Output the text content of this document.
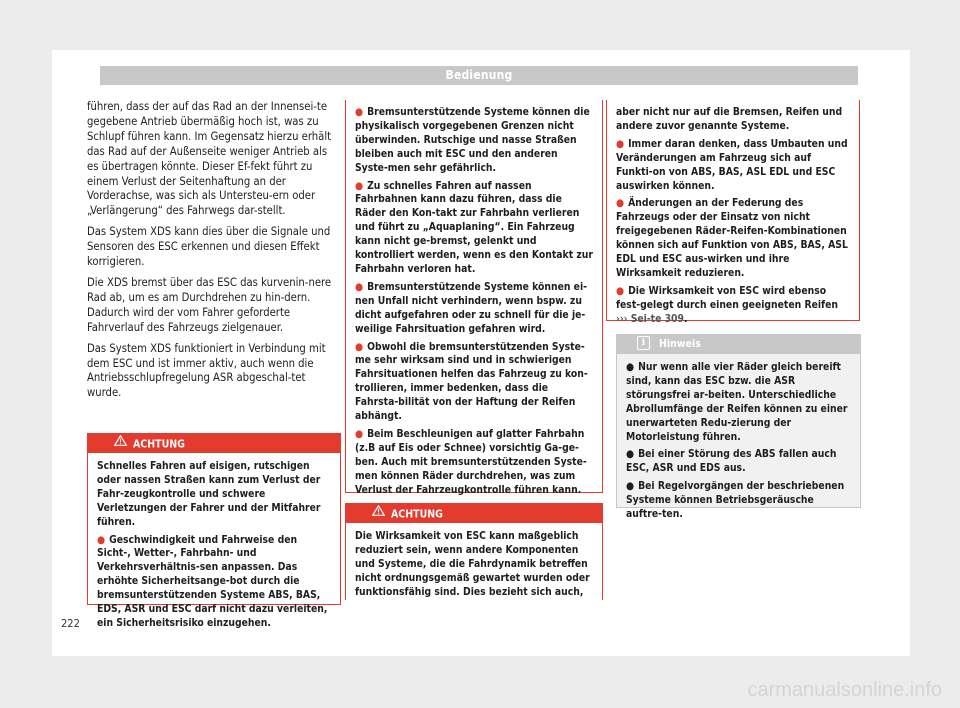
Bedienung

führen, dass der auf das Rad an der Innensei-te gegebene Antrieb übermäßig hoch ist, was zu Schlupf führen kann. Im Gegensatz hierzu erhält das Rad auf der Außenseite weniger Antrieb als es übertragen könnte. Dieser Ef-fekt führt zu einem Verlust der Seitenhaftung an der Vorderachse, was sich als Untersteu-ern oder „Verlängerung“ des Fahrwegs dar-stellt.

Das System XDS kann dies über die Signale und Sensoren des ESC erkennen und diesen Effekt korrigieren.

Die XDS bremst über das ESC das kurvenin-nere Rad ab, um es am Durchdrehen zu hin-dern. Dadurch wird der vom Fahrer geforderte Fahrverlauf des Fahrzeugs zielgenauer.

Das System XDS funktioniert in Verbindung mit dem ESC und ist immer aktiv, auch wenn die Antriebsschlupfregelung ASR abgeschal-tet wurde.

ACHTUNG

Schnelles Fahren auf eisigen, rutschigen oder nassen Straßen kann zum Verlust der Fahr-zeugkontrolle und schwere Verletzungen der Fahrer und der Mitfahrer führen.

● Geschwindigkeit und Fahrweise den Sicht-, Wetter-, Fahrbahn- und Verkehrsverhältnis-sen anpassen. Das erhöhte Sicherheitsange-bot durch die bremsunterstützenden Systeme ABS, BAS, EDS, ASR und ESC darf nicht dazu verleiten, ein Sicherheitsrisiko einzugehen.

● Bremsunterstützende Systeme können die physikalisch vorgegebenen Grenzen nicht überwinden. Rutschige und nasse Straßen bleiben auch mit ESC und den anderen Syste-men sehr gefährlich.

● Zu schnelles Fahren auf nassen Fahrbahnen kann dazu führen, dass die Räder den Kon-takt zur Fahrbahn verlieren und führt zu „Aquaplaning“. Ein Fahrzeug kann nicht ge-bremst, gelenkt und kontrolliert werden, wenn es den Kontakt zur Fahrbahn verloren hat.

● Bremsunterstützende Systeme können ei-nen Unfall nicht verhindern, wenn bspw. zu dicht aufgefahren oder zu schnell für die je-weilige Fahrsituation gefahren wird.

● Obwohl die bremsunterstützenden Syste-me sehr wirksam sind und in schwierigen Fahrsituationen helfen das Fahrzeug zu kon-trollieren, immer bedenken, dass die Fahrsta-bilität von der Haftung der Reifen abhängt.

● Beim Beschleunigen auf glatter Fahrbahn (z.B auf Eis oder Schnee) vorsichtig Ga-ge-ben. Auch mit bremsunterstützenden Syste-men können Räder durchdrehen, was zum Verlust der Fahrzeugkontrolle führen kann.

ACHTUNG

Die Wirksamkeit von ESC kann maßgeblich reduziert sein, wenn andere Komponenten und Systeme, die die Fahrdynamik betreffen nicht ordnungsgemäß gewartet wurden oder funktionsfähig sind. Dies bezieht sich auch,

aber nicht nur auf die Bremsen, Reifen und andere zuvor genannte Systeme.

● Immer daran denken, dass Umbauten und Veränderungen am Fahrzeug sich auf Funkti-on von ABS, BAS, ASL EDL und ESC auswirken können.

● Änderungen an der Federung des Fahrzeugs oder der Einsatz von nicht freigegebenen Räder-Reifen-Kombinationen können sich auf Funktion von ABS, BAS, ASL EDL und ESC aus-wirken und ihre Wirksamkeit reduzieren.

● Die Wirksamkeit von ESC wird ebenso fest-gelegt durch einen geeigneten Reifen ››› Sei-te 309.

i Hinweis

● Nur wenn alle vier Räder gleich bereift sind, kann das ESC bzw. die ASR störungsfrei ar-beiten. Unterschiedliche Abrollumfänge der Reifen können zu einer unerwarteten Redu-zierung der Motorleistung führen.

● Bei einer Störung des ABS fallen auch ESC, ASR und EDS aus.

● Bei Regelvorgängen der beschriebenen Systeme können Betriebsgeräusche auftre-ten.

222
carmanualsonline.info
